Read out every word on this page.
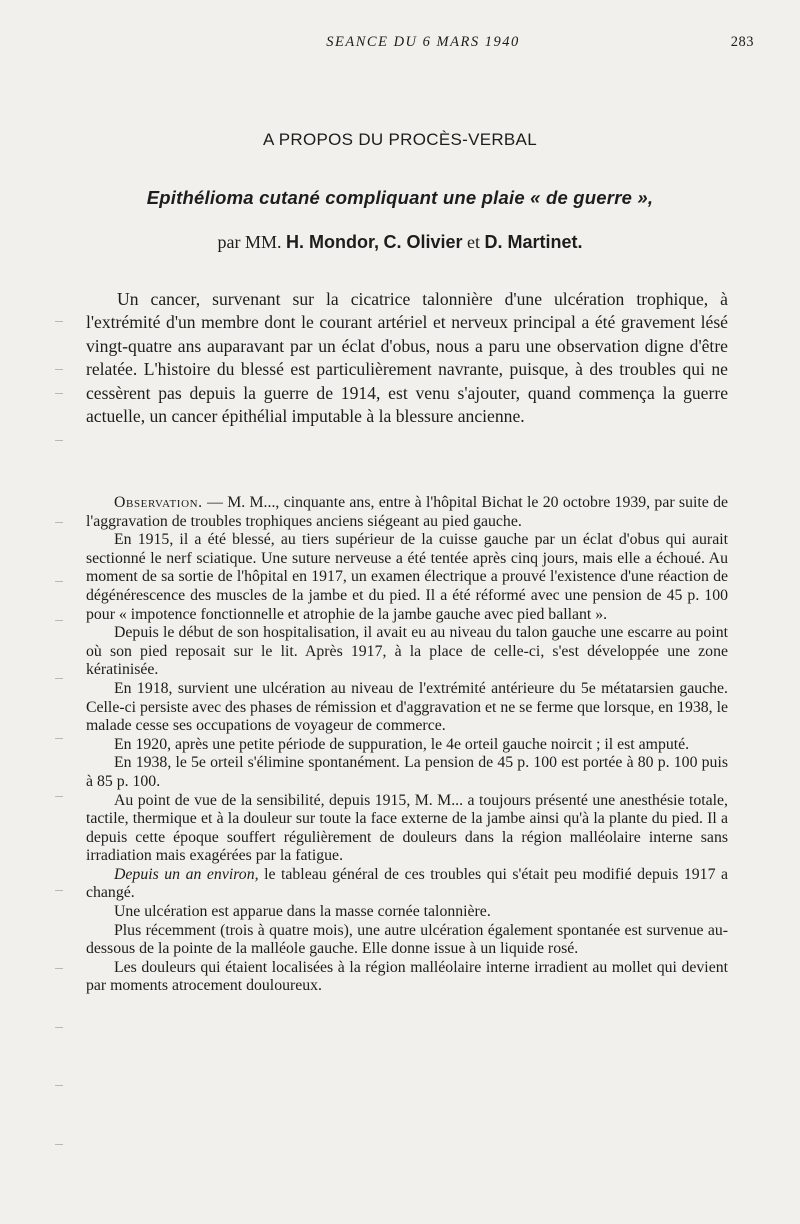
SEANCE DU 6 MARS 1940	283
A PROPOS DU PROCÈS-VERBAL
Epithélioma cutané compliquant une plaie « de guerre »,
par MM. H. Mondor, C. Olivier et D. Martinet.

Un cancer, survenant sur la cicatrice talonnière d'une ulcération trophique, à l'extrémité d'un membre dont le courant artériel et nerveux principal a été gravement lésé vingt-quatre ans auparavant par un éclat d'obus, nous a paru une observation digne d'être relatée. L'histoire du blessé est particulièrement navrante, puisque, à des troubles qui ne cessèrent pas depuis la guerre de 1914, est venu s'ajouter, quand commença la guerre actuelle, un cancer épithélial imputable à la blessure ancienne.

Observation. — M. M..., cinquante ans, entre à l'hôpital Bichat le 20 octobre 1939, par suite de l'aggravation de troubles trophiques anciens siégeant au pied gauche.

En 1915, il a été blessé, au tiers supérieur de la cuisse gauche par un éclat d'obus qui aurait sectionné le nerf sciatique. Une suture nerveuse a été tentée après cinq jours, mais elle a échoué. Au moment de sa sortie de l'hôpital en 1917, un examen électrique a prouvé l'existence d'une réaction de dégénérescence des muscles de la jambe et du pied. Il a été réformé avec une pension de 45 p. 100 pour « impotence fonctionnelle et atrophie de la jambe gauche avec pied ballant ».

Depuis le début de son hospitalisation, il avait eu au niveau du talon gauche une escarre au point où son pied reposait sur le lit. Après 1917, à la place de celle-ci, s'est développée une zone kératinisée.

En 1918, survient une ulcération au niveau de l'extrémité antérieure du 5e métatarsien gauche. Celle-ci persiste avec des phases de rémission et d'aggravation et ne se ferme que lorsque, en 1938, le malade cesse ses occupations de voyageur de commerce.

En 1920, après une petite période de suppuration, le 4e orteil gauche noircit ; il est amputé.

En 1938, le 5e orteil s'élimine spontanément. La pension de 45 p. 100 est portée à 80 p. 100 puis à 85 p. 100.

Au point de vue de la sensibilité, depuis 1915, M. M... a toujours présenté une anesthésie totale, tactile, thermique et à la douleur sur toute la face externe de la jambe ainsi qu'à la plante du pied. Il a depuis cette époque souffert régulièrement de douleurs dans la région malléolaire interne sans irradiation mais exagérées par la fatigue.

Depuis un an environ, le tableau général de ces troubles qui s'était peu modifié depuis 1917 a changé.

Une ulcération est apparue dans la masse cornée talonnière.

Plus récemment (trois à quatre mois), une autre ulcération également spontanée est survenue au-dessous de la pointe de la malléole gauche. Elle donne issue à un liquide rosé.

Les douleurs qui étaient localisées à la région malléolaire interne irradient au mollet qui devient par moments atrocement douloureux.
